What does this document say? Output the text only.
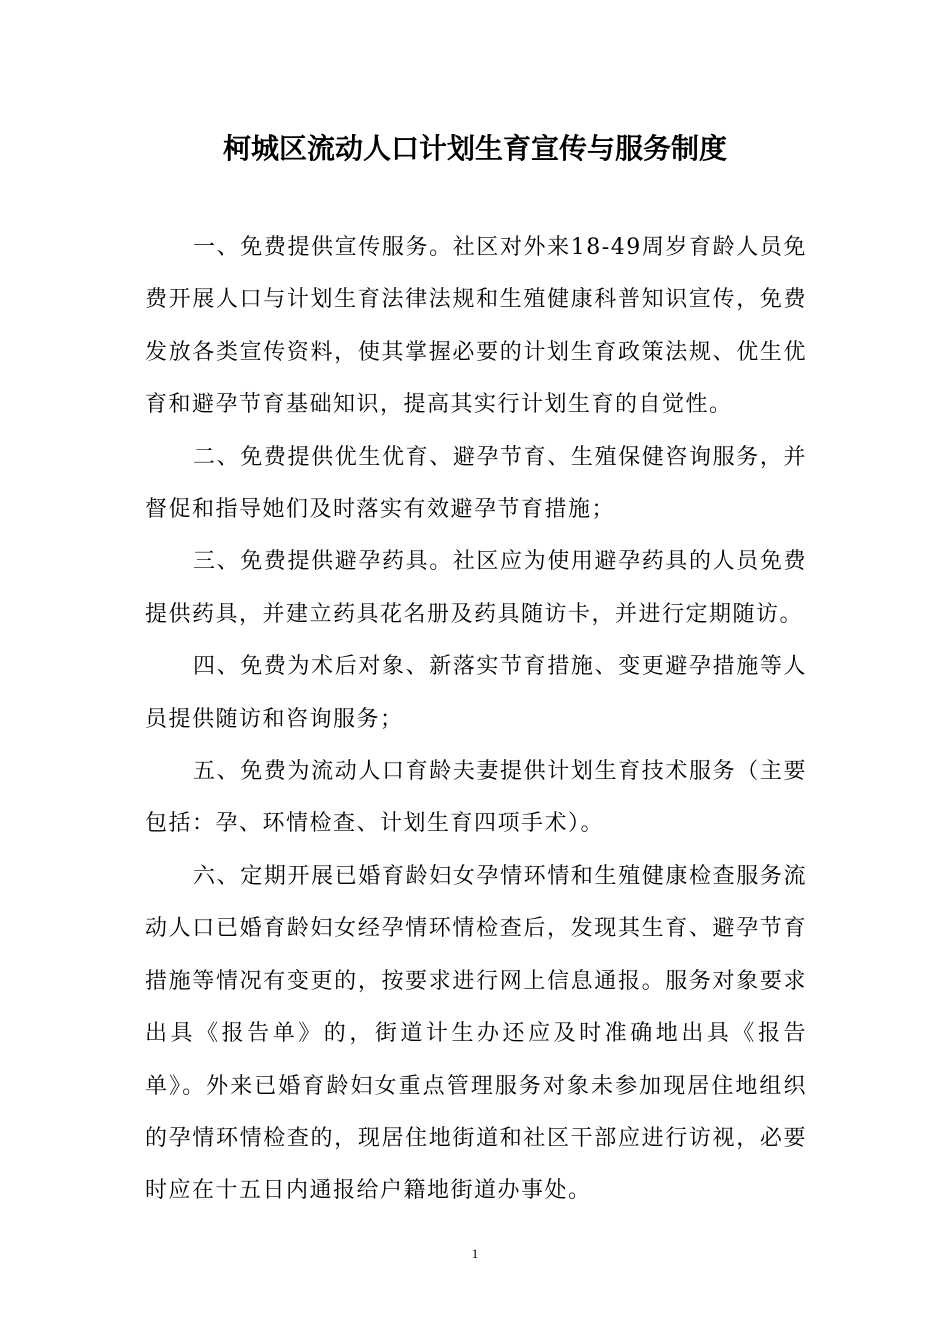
柯城区流动人口计划生育宣传与服务制度

一、免费提供宣传服务。社区对外来18-49周岁育龄人员免费开展人口与计划生育法律法规和生殖健康科普知识宣传，免费发放各类宣传资料，使其掌握必要的计划生育政策法规、优生优育和避孕节育基础知识，提高其实行计划生育的自觉性。

二、免费提供优生优育、避孕节育、生殖保健咨询服务，并督促和指导她们及时落实有效避孕节育措施；

三、免费提供避孕药具。社区应为使用避孕药具的人员免费提供药具，并建立药具花名册及药具随访卡，并进行定期随访。

四、免费为术后对象、新落实节育措施、变更避孕措施等人员提供随访和咨询服务；

五、免费为流动人口育龄夫妻提供计划生育技术服务（主要包括：孕、环情检查、计划生育四项手术）。

六、定期开展已婚育龄妇女孕情环情和生殖健康检查服务流动人口已婚育龄妇女经孕情环情检查后，发现其生育、避孕节育措施等情况有变更的，按要求进行网上信息通报。服务对象要求出具《报告单》的，街道计生办还应及时准确地出具《报告单》。外来已婚育龄妇女重点管理服务对象未参加现居住地组织的孕情环情检查的，现居住地街道和社区干部应进行访视，必要时应在十五日内通报给户籍地街道办事处。

1
